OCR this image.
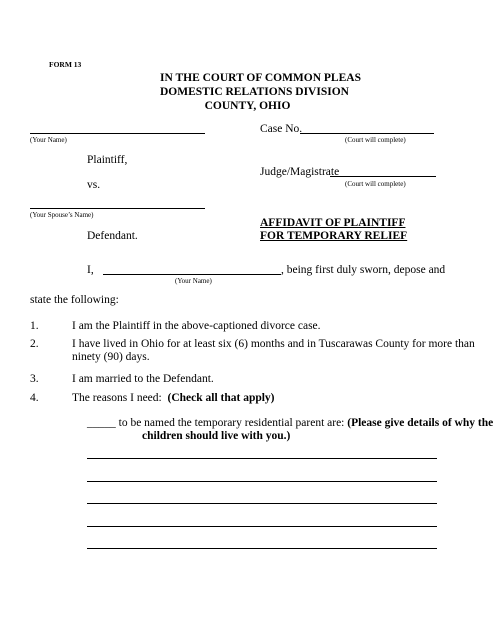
FORM 13
IN THE COURT OF COMMON PLEAS
DOMESTIC RELATIONS DIVISION
COUNTY, OHIO
(Your Name)
Plaintiff,
vs.
(Your Spouse’s Name)
Defendant.
Case No.
(Court will complete)
Judge/Magistrate
(Court will complete)
AFFIDAVIT OF PLAINTIFF
FOR TEMPORARY RELIEF
I,
(Your Name)
, being first duly sworn, depose and
state the following:
1.	I am the Plaintiff in the above-captioned divorce case.
2.	I have lived in Ohio for at least six (6) months and in Tuscarawas County for more than
ninety (90) days.
3.	I am married to the Defendant.
4.	The reasons I need: (Check all that apply)
_____ to be named the temporary residential parent are: (Please give details of why the
children should live with you.)
